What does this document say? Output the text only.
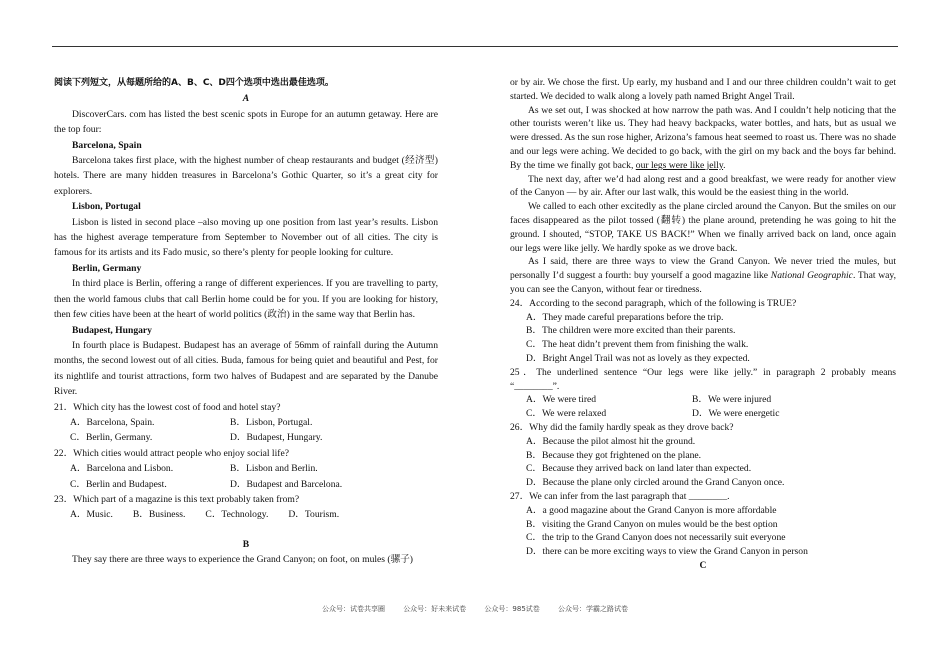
阅读下列短文，从每题所给的A、B、C、D四个选项中选出最佳选项。

A

DiscoverCars. com has listed the best scenic spots in Europe for an autumn getaway. Here are the top four:

Barcelona, Spain

Barcelona takes first place, with the highest number of cheap restaurants and budget (经济型) hotels. There are many hidden treasures in Barcelona’s Gothic Quarter, so it’s a great city for explorers.

Lisbon, Portugal

Lisbon is listed in second place –also moving up one position from last year’s results. Lisbon has the highest average temperature from September to November out of all cities. The city is famous for its artists and its Fado music, so there’s plenty for people looking for culture.

Berlin, Germany

In third place is Berlin, offering a range of different experiences. If you are travelling to party, then the world famous clubs that call Berlin home could be for you. If you are looking for history, then few cities have been at the heart of world politics (政治) in the same way that Berlin has.

Budapest, Hungary

In fourth place is Budapest. Budapest has an average of 56mm of rainfall during the Autumn months, the second lowest out of all cities. Buda, famous for being quiet and beautiful and Pest, for its nightlife and tourist attractions, form two halves of Budapest and are separated by the Danube River.

21．Which city has the lowest cost of food and hotel stay?

A．Barcelona, Spain.	B．Lisbon, Portugal.
C．Berlin, Germany.	D．Budapest, Hungary.

22．Which cities would attract people who enjoy social life?

A．Barcelona and Lisbon.	B．Lisbon and Berlin.
C．Berlin and Budapest.	D．Budapest and Barcelona.

23．Which part of a magazine is this text probably taken from?

A．Music. B．Business. C．Technology. D．Tourism.

B

They say there are three ways to experience the Grand Canyon; on foot, on mules (骡子)

or by air. We chose the first. Up early, my husband and I and our three children couldn’t wait to get started. We decided to walk along a lovely path named Bright Angel Trail.

As we set out, I was shocked at how narrow the path was. And I couldn’t help noticing that the other tourists weren’t like us. They had heavy backpacks, water bottles, and hats, but as usual we were dressed. As the sun rose higher, Arizona’s famous heat seemed to roast us. There was no shade and our legs were aching. We decided to go back, with the girl on my back and the boys far behind. By the time we finally got back, our legs were like jelly.

The next day, after we’d had along rest and a good breakfast, we were ready for another view of the Canyon — by air. After our last walk, this would be the easiest thing in the world.

We called to each other excitedly as the plane circled around the Canyon. But the smiles on our faces disappeared as the pilot tossed (翻转) the plane around, pretending he was going to hit the ground. I shouted, “STOP, TAKE US BACK!” When we finally arrived back on land, once again our legs were like jelly. We hardly spoke as we drove back.

As I said, there are three ways to view the Grand Canyon. We never tried the mules, but personally I’d suggest a fourth: buy yourself a good magazine like National Geographic. That way, you can see the Canyon, without fear or tiredness.

24．According to the second paragraph, which of the following is TRUE?

A．They made careful preparations before the trip.

B．The children were more excited than their parents.

C．The heat didn’t prevent them from finishing the walk.

D．Bright Angel Trail was not as lovely as they expected.

25．The underlined sentence “Our legs were like jelly.” in paragraph 2 probably means “________”.

A．We were tired	B．We were injured
C．We were relaxed	D．We were energetic

26．Why did the family hardly speak as they drove back?

A．Because the pilot almost hit the ground.

B．Because they got frightened on the plane.

C．Because they arrived back on land later than expected.

D．Because the plane only circled around the Grand Canyon once.

27．We can infer from the last paragraph that ________.

A．a good magazine about the Grand Canyon is more affordable

B．visiting the Grand Canyon on mules would be the best option

C．the trip to the Grand Canyon does not necessarily suit everyone

D．there can be more exciting ways to view the Grand Canyon in person

C

公众号：试卷共享圈	公众号：好未来试卷	公众号：985试卷	公众号：学霸之路试卷
